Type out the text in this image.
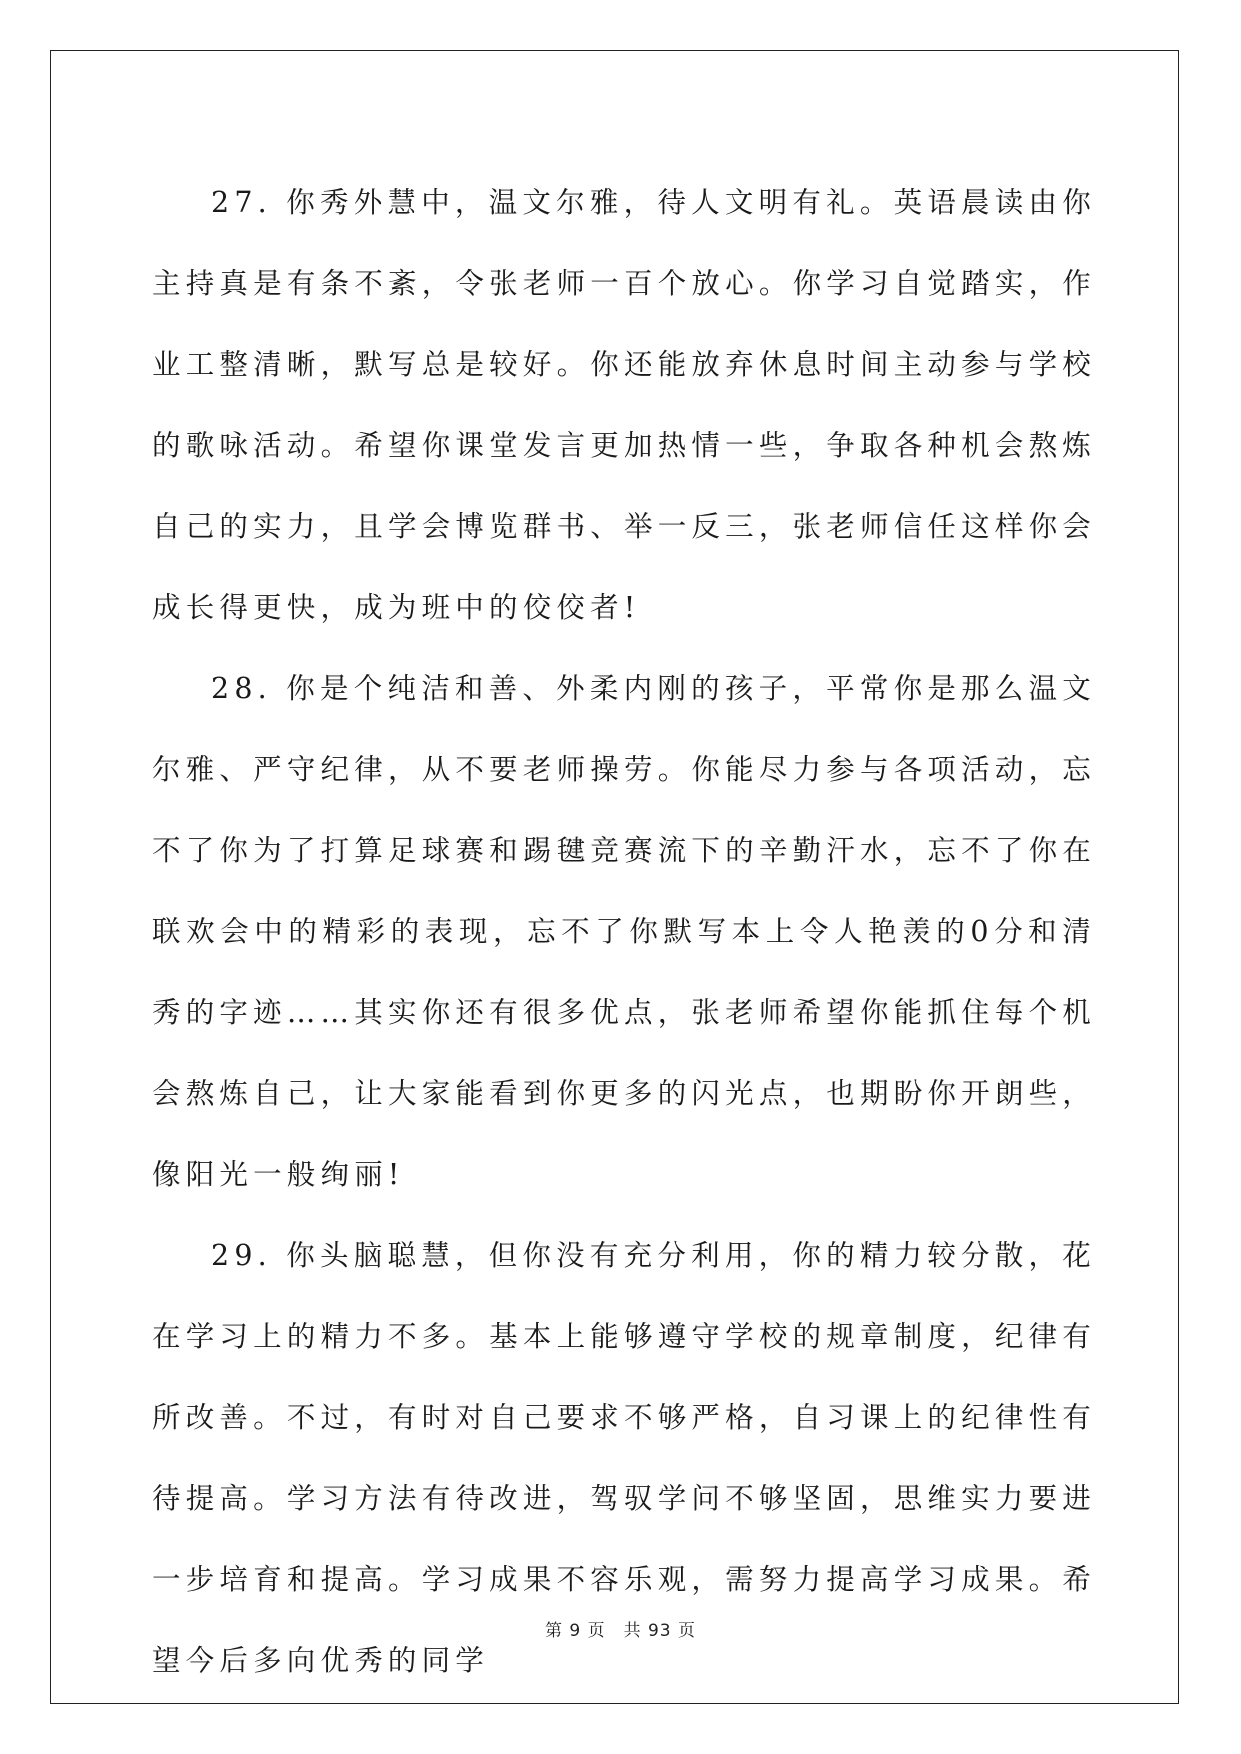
27. 你秀外慧中，温文尔雅，待人文明有礼。英语晨读由你主持真是有条不紊，令张老师一百个放心。你学习自觉踏实，作业工整清晰，默写总是较好。你还能放弃休息时间主动参与学校的歌咏活动。希望你课堂发言更加热情一些，争取各种机会熬炼自己的实力，且学会博览群书、举一反三，张老师信任这样你会成长得更快，成为班中的佼佼者!

28. 你是个纯洁和善、外柔内刚的孩子，平常你是那么温文尔雅、严守纪律，从不要老师操劳。你能尽力参与各项活动，忘不了你为了打算足球赛和踢毽竞赛流下的辛勤汗水，忘不了你在联欢会中的精彩的表现，忘不了你默写本上令人艳羡的0分和清秀的字迹……其实你还有很多优点，张老师希望你能抓住每个机会熬炼自己，让大家能看到你更多的闪光点，也期盼你开朗些，像阳光一般绚丽!

29. 你头脑聪慧，但你没有充分利用，你的精力较分散，花在学习上的精力不多。基本上能够遵守学校的规章制度，纪律有所改善。不过，有时对自己要求不够严格，自习课上的纪律性有待提高。学习方法有待改进，驾驭学问不够坚固，思维实力要进一步培育和提高。学习成果不容乐观，需努力提高学习成果。希望今后多向优秀的同学

第 9 页 共 93 页
